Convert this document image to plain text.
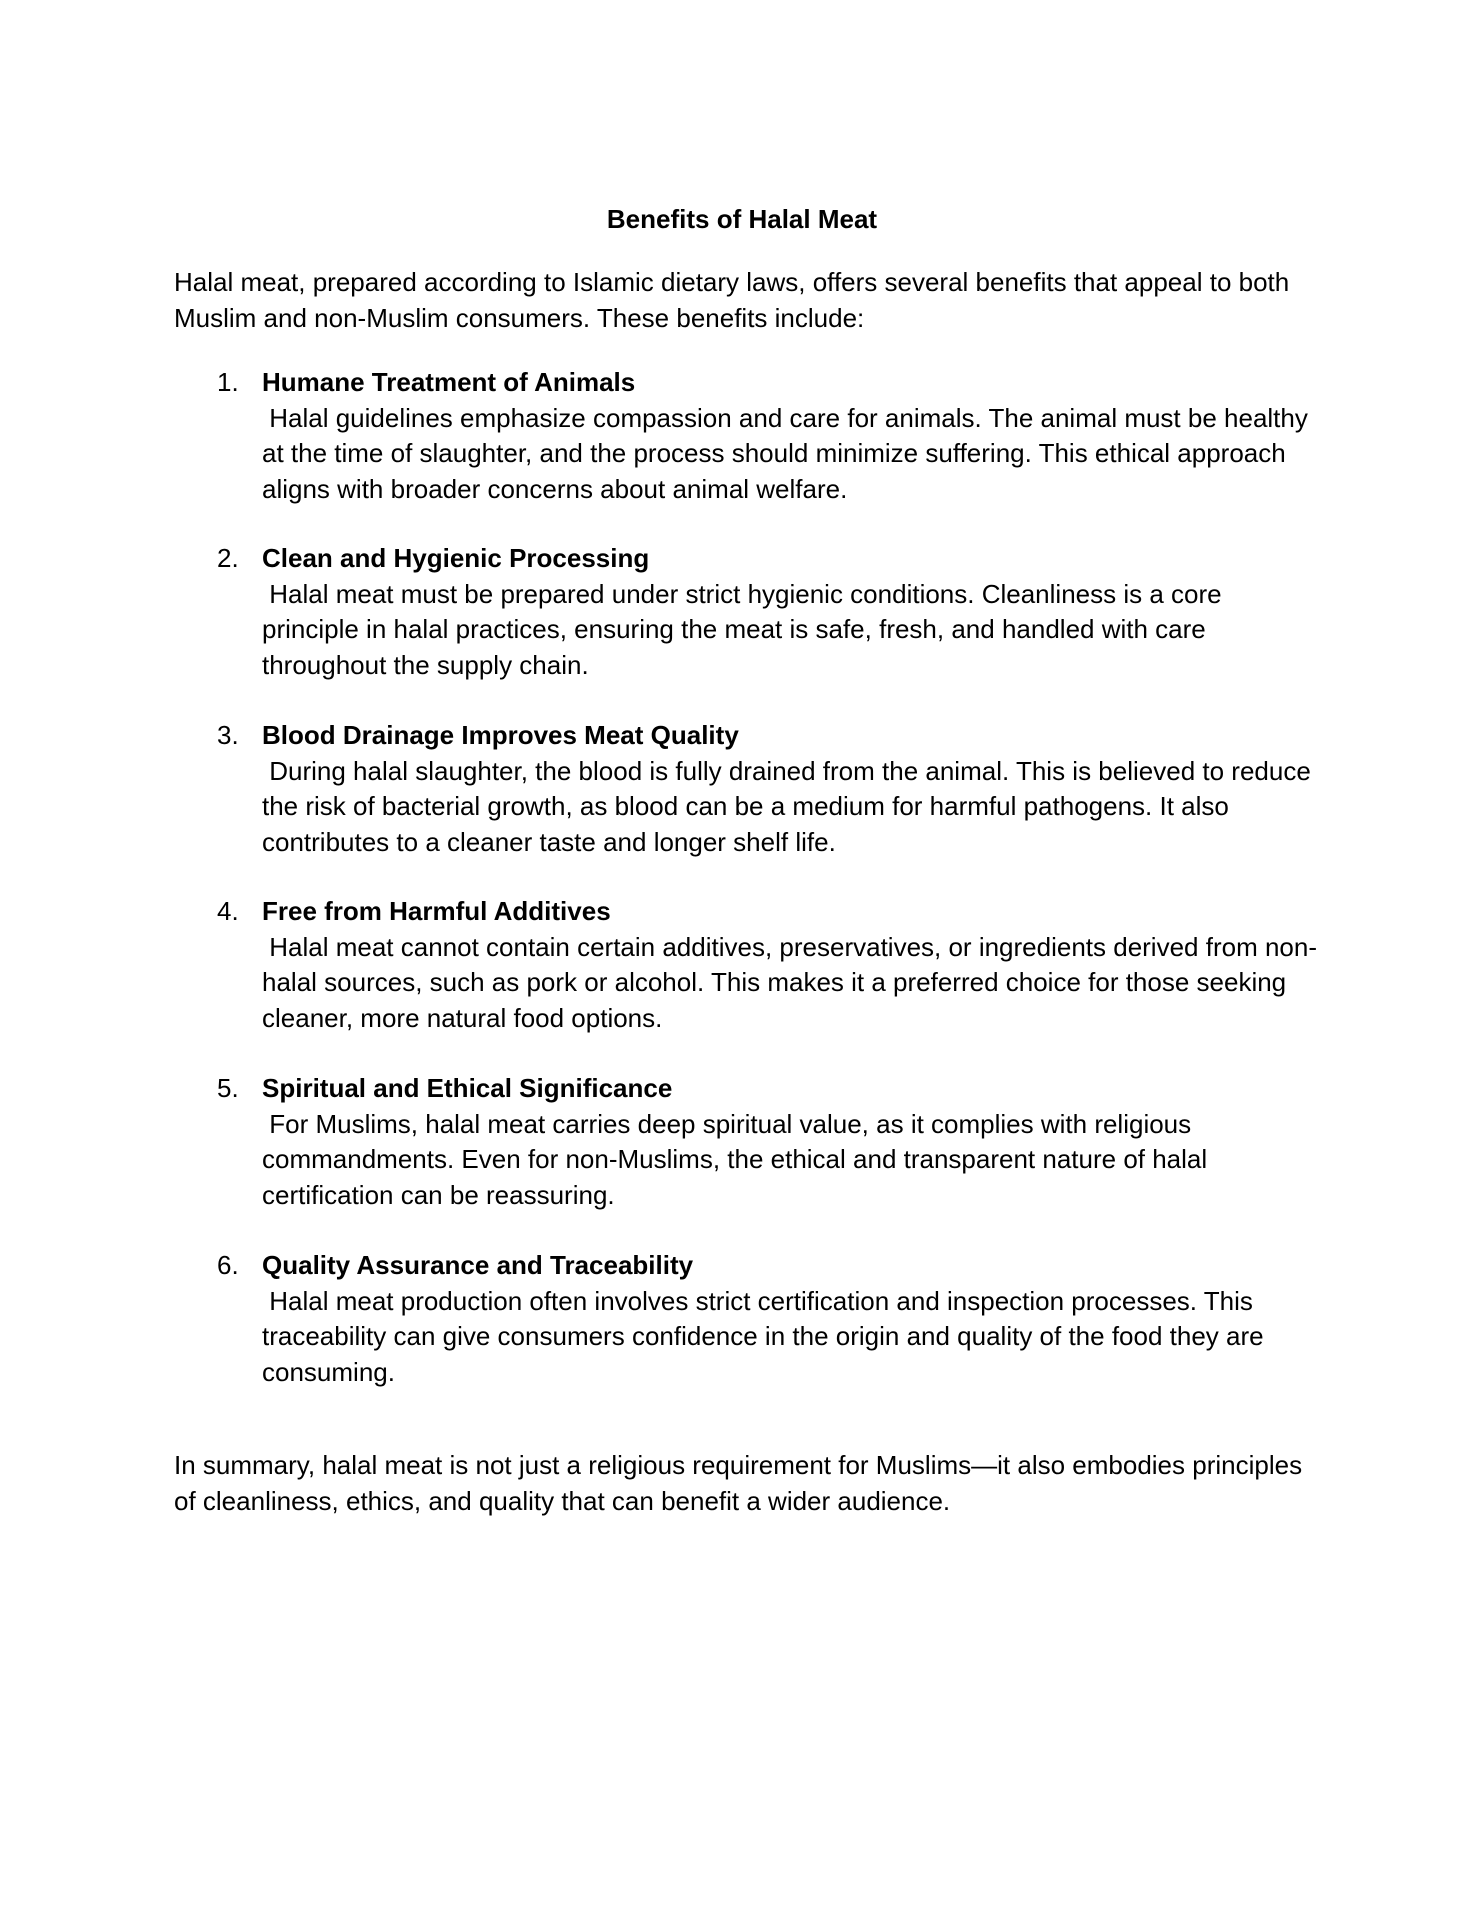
Benefits of Halal Meat

Halal meat, prepared according to Islamic dietary laws, offers several benefits that appeal to both Muslim and non-Muslim consumers. These benefits include:

1. Humane Treatment of Animals
Halal guidelines emphasize compassion and care for animals. The animal must be healthy at the time of slaughter, and the process should minimize suffering. This ethical approach aligns with broader concerns about animal welfare.
2. Clean and Hygienic Processing
Halal meat must be prepared under strict hygienic conditions. Cleanliness is a core principle in halal practices, ensuring the meat is safe, fresh, and handled with care throughout the supply chain.
3. Blood Drainage Improves Meat Quality
During halal slaughter, the blood is fully drained from the animal. This is believed to reduce the risk of bacterial growth, as blood can be a medium for harmful pathogens. It also contributes to a cleaner taste and longer shelf life.
4. Free from Harmful Additives
Halal meat cannot contain certain additives, preservatives, or ingredients derived from non-halal sources, such as pork or alcohol. This makes it a preferred choice for those seeking cleaner, more natural food options.
5. Spiritual and Ethical Significance
For Muslims, halal meat carries deep spiritual value, as it complies with religious commandments. Even for non-Muslims, the ethical and transparent nature of halal certification can be reassuring.
6. Quality Assurance and Traceability
Halal meat production often involves strict certification and inspection processes. This traceability can give consumers confidence in the origin and quality of the food they are consuming.

In summary, halal meat is not just a religious requirement for Muslims—it also embodies principles of cleanliness, ethics, and quality that can benefit a wider audience.
